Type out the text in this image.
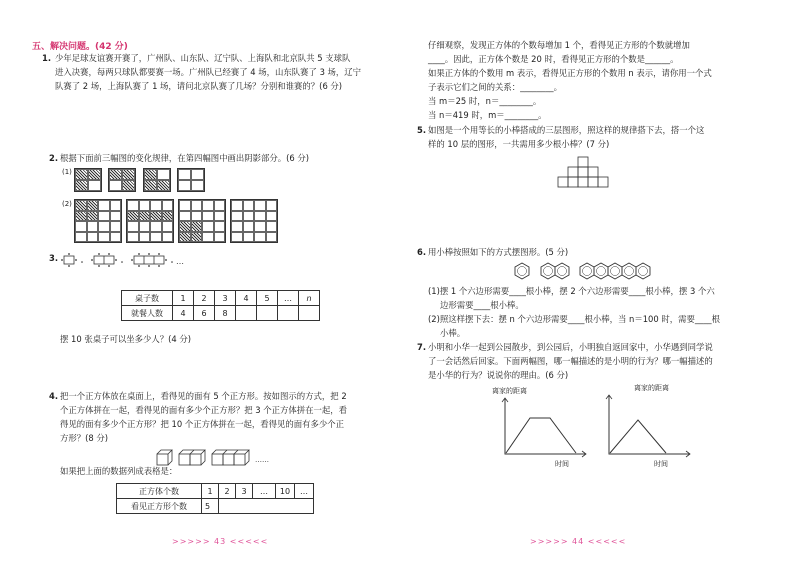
五、解决问题。(42 分)
1. 少年足球友谊赛开赛了，广州队、山东队、辽宁队、上海队和北京队共 5 支球队
进入决赛，每两只球队都要赛一场。广州队已经赛了 4 场，山东队赛了 3 场，辽宁
队赛了 2 场，上海队赛了 1 场，请问北京队赛了几场？分别和谁赛的？(6 分)
2. 根据下面前三幅图的变化规律，在第四幅图中画出阴影部分。(6 分)
(1)
(2)
3.	…
桌子数	1	2	3	4	5	…	n
就餐人数	4	6	8				
摆 10 张桌子可以坐多少人？(4 分)
4. 把一个正方体放在桌面上，看得见的面有 5 个正方形。按如图示的方式，把 2
个正方体拼在一起，看得见的面有多少个正方形？把 3 个正方体拼在一起，看
得见的面有多少个正方形？把 10 个正方体拼在一起，看得见的面有多少个正
方形？(8 分)
……
如果把上面的数据列成表格是：
正方体个数	1	2	3	…	10	…
看见正方形个数	5					
>>>>> 43 <<<<<
仔细观察，发现正方体的个数每增加 1 个，看得见正方形的个数就增加
____。因此，正方体个数是 20 时，看得见正方形的个数是______。
如果正方体的个数用 m 表示，看得见正方形的个数用 n 表示，请你用一个式
子表示它们之间的关系：________。
当 m＝25 时，n＝________。
当 n＝419 时，m＝________。
5. 如图是一个用等长的小棒搭成的三层图形，照这样的规律搭下去，搭一个这
样的 10 层的图形，一共需用多少根小棒？(7 分)
6. 用小棒按照如下的方式摆图形。(5 分)
(1)摆 1 个六边形需要____根小棒，摆 2 个六边形需要____根小棒，摆 3 个六
边形需要____根小棒。
(2)照这样摆下去：摆 n 个六边形需要____根小棒，当 n＝100 时，需要____根
小棒。
7. 小明和小华一起到公园散步，到公园后，小明独自返回家中，小华遇到同学说
了一会话然后回家。下面两幅图，哪一幅描述的是小明的行为？哪一幅描述的
是小华的行为？说说你的理由。(6 分)
离家的距离
时间
离家的距离
时间
>>>>> 44 <<<<<
